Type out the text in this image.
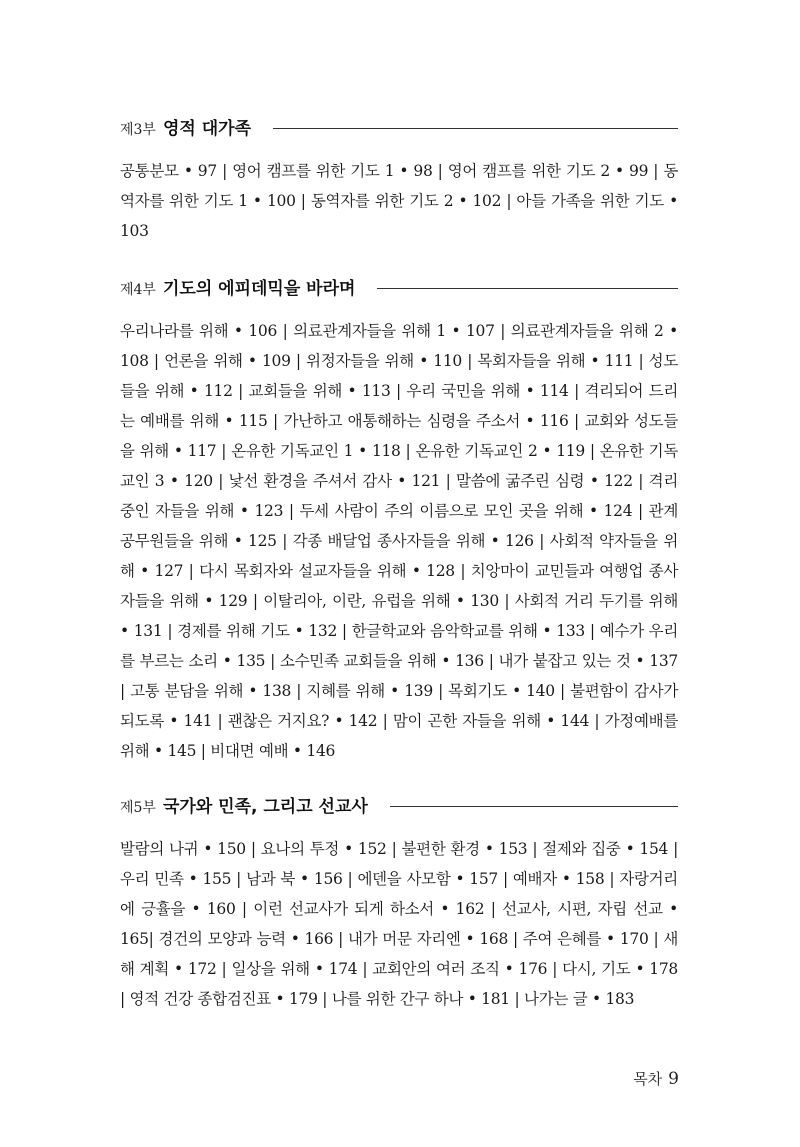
제3부 영적 대가족

공통분모 • 97 | 영어 캠프를 위한 기도 1 • 98 | 영어 캠프를 위한 기도 2 • 99 | 동역자를 위한 기도 1 • 100 | 동역자를 위한 기도 2 • 102 | 아들 가족을 위한 기도 • 103

제4부 기도의 에피데믹을 바라며

우리나라를 위해 • 106 | 의료관계자들을 위해 1 • 107 | 의료관계자들을 위해 2 • 108 | 언론을 위해 • 109 | 위정자들을 위해 • 110 | 목회자들을 위해 • 111 | 성도들을 위해 • 112 | 교회들을 위해 • 113 | 우리 국민을 위해 • 114 | 격리되어 드리는 예배를 위해 • 115 | 가난하고 애통해하는 심령을 주소서 • 116 | 교회와 성도들을 위해 • 117 | 온유한 기독교인 1 • 118 | 온유한 기독교인 2 • 119 | 온유한 기독교인 3 • 120 | 낯선 환경을 주셔서 감사 • 121 | 말씀에 굶주린 심령 • 122 | 격리 중인 자들을 위해 • 123 | 두세 사람이 주의 이름으로 모인 곳을 위해 • 124 | 관계 공무원들을 위해 • 125 | 각종 배달업 종사자들을 위해 • 126 | 사회적 약자들을 위해 • 127 | 다시 목회자와 설교자들을 위해 • 128 | 치앙마이 교민들과 여행업 종사자들을 위해 • 129 | 이탈리아, 이란, 유럽을 위해 • 130 | 사회적 거리 두기를 위해 • 131 | 경제를 위해 기도 • 132 | 한글학교와 음악학교를 위해 • 133 | 예수가 우리를 부르는 소리 • 135 | 소수민족 교회들을 위해 • 136 | 내가 붙잡고 있는 것 • 137 | 고통 분담을 위해 • 138 | 지혜를 위해 • 139 | 목회기도 • 140 | 불편함이 감사가 되도록 • 141 | 괜찮은 거지요? • 142 | 맘이 곤한 자들을 위해 • 144 | 가정예배를 위해 • 145 | 비대면 예배 • 146

제5부 국가와 민족, 그리고 선교사

발람의 나귀 • 150 | 요나의 투정 • 152 | 불편한 환경 • 153 | 절제와 집중 • 154 | 우리 민족 • 155 | 남과 북 • 156 | 에덴을 사모함 • 157 | 예배자 • 158 | 자랑거리에 긍휼을 • 160 | 이런 선교사가 되게 하소서 • 162 | 선교사, 시편, 자립 선교 • 165| 경건의 모양과 능력 • 166 | 내가 머문 자리엔 • 168 | 주여 은혜를 • 170 | 새해 계획 • 172 | 일상을 위해 • 174 | 교회안의 여러 조직 • 176 | 다시, 기도 • 178 | 영적 건강 종합검진표 • 179 | 나를 위한 간구 하나 • 181 | 나가는 글 • 183

목차 9
